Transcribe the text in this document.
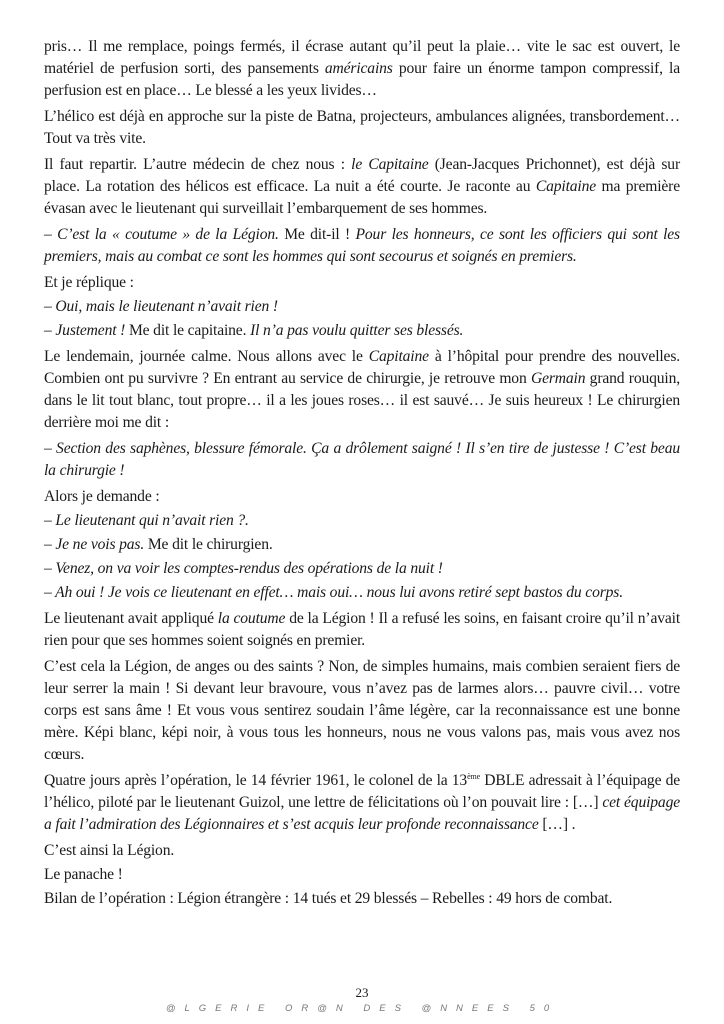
pris… Il me remplace, poings fermés, il écrase autant qu’il peut la plaie… vite le sac est ouvert, le matériel de perfusion sorti, des pansements américains pour faire un énorme tampon compressif, la perfusion est en place… Le blessé a les yeux livides…

L’hélico est déjà en approche sur la piste de Batna, projecteurs, ambulances alignées, transbordement… Tout va très vite.

Il faut repartir. L’autre médecin de chez nous : le Capitaine (Jean-Jacques Prichonnet), est déjà sur place. La rotation des hélicos est efficace. La nuit a été courte. Je raconte au Capitaine ma première évasan avec le lieutenant qui surveillait l’embarquement de ses hommes.

– C’est la « coutume » de la Légion. Me dit-il ! Pour les honneurs, ce sont les officiers qui sont les premiers, mais au combat ce sont les hommes qui sont secourus et soignés en premiers.

Et je réplique :

– Oui, mais le lieutenant n’avait rien !

– Justement ! Me dit le capitaine. Il n’a pas voulu quitter ses blessés.

Le lendemain, journée calme. Nous allons avec le Capitaine à l’hôpital pour prendre des nouvelles. Combien ont pu survivre ? En entrant au service de chirurgie, je retrouve mon Germain grand rouquin, dans le lit tout blanc, tout propre… il a les joues roses… il est sauvé… Je suis heureux ! Le chirurgien derrière moi me dit :

– Section des saphènes, blessure fémorale. Ça a drôlement saigné ! Il s’en tire de justesse ! C’est beau la chirurgie !

Alors je demande :

– Le lieutenant qui n’avait rien ?.

– Je ne vois pas. Me dit le chirurgien.

– Venez, on va voir les comptes-rendus des opérations de la nuit !

– Ah oui ! Je vois ce lieutenant en effet… mais oui… nous lui avons retiré sept bastos du corps.

Le lieutenant avait appliqué la coutume de la Légion ! Il a refusé les soins, en faisant croire qu’il n’avait rien pour que ses hommes soient soignés en premier.

C’est cela la Légion, de anges ou des saints ? Non, de simples humains, mais combien seraient fiers de leur serrer la main ! Si devant leur bravoure, vous n’avez pas de larmes alors… pauvre civil… votre corps est sans âme ! Et vous vous sentirez soudain l’âme légère, car la reconnaissance est une bonne mère. Képi blanc, képi noir, à vous tous les honneurs, nous ne vous valons pas, mais vous avez nos cœurs.

Quatre jours après l’opération, le 14 février 1961, le colonel de la 13ème DBLE adressait à l’équipage de l’hélico, piloté par le lieutenant Guizol, une lettre de félicitations où l’on pouvait lire : […] cet équipage a fait l’admiration des Légionnaires et s’est acquis leur profonde reconnaissance […] .

C’est ainsi la Légion.

Le panache !

Bilan de l’opération : Légion étrangère : 14 tués et 29 blessés – Rebelles : 49 hors de combat.

23
@LGERIE OR@N DES @NNEES 50
